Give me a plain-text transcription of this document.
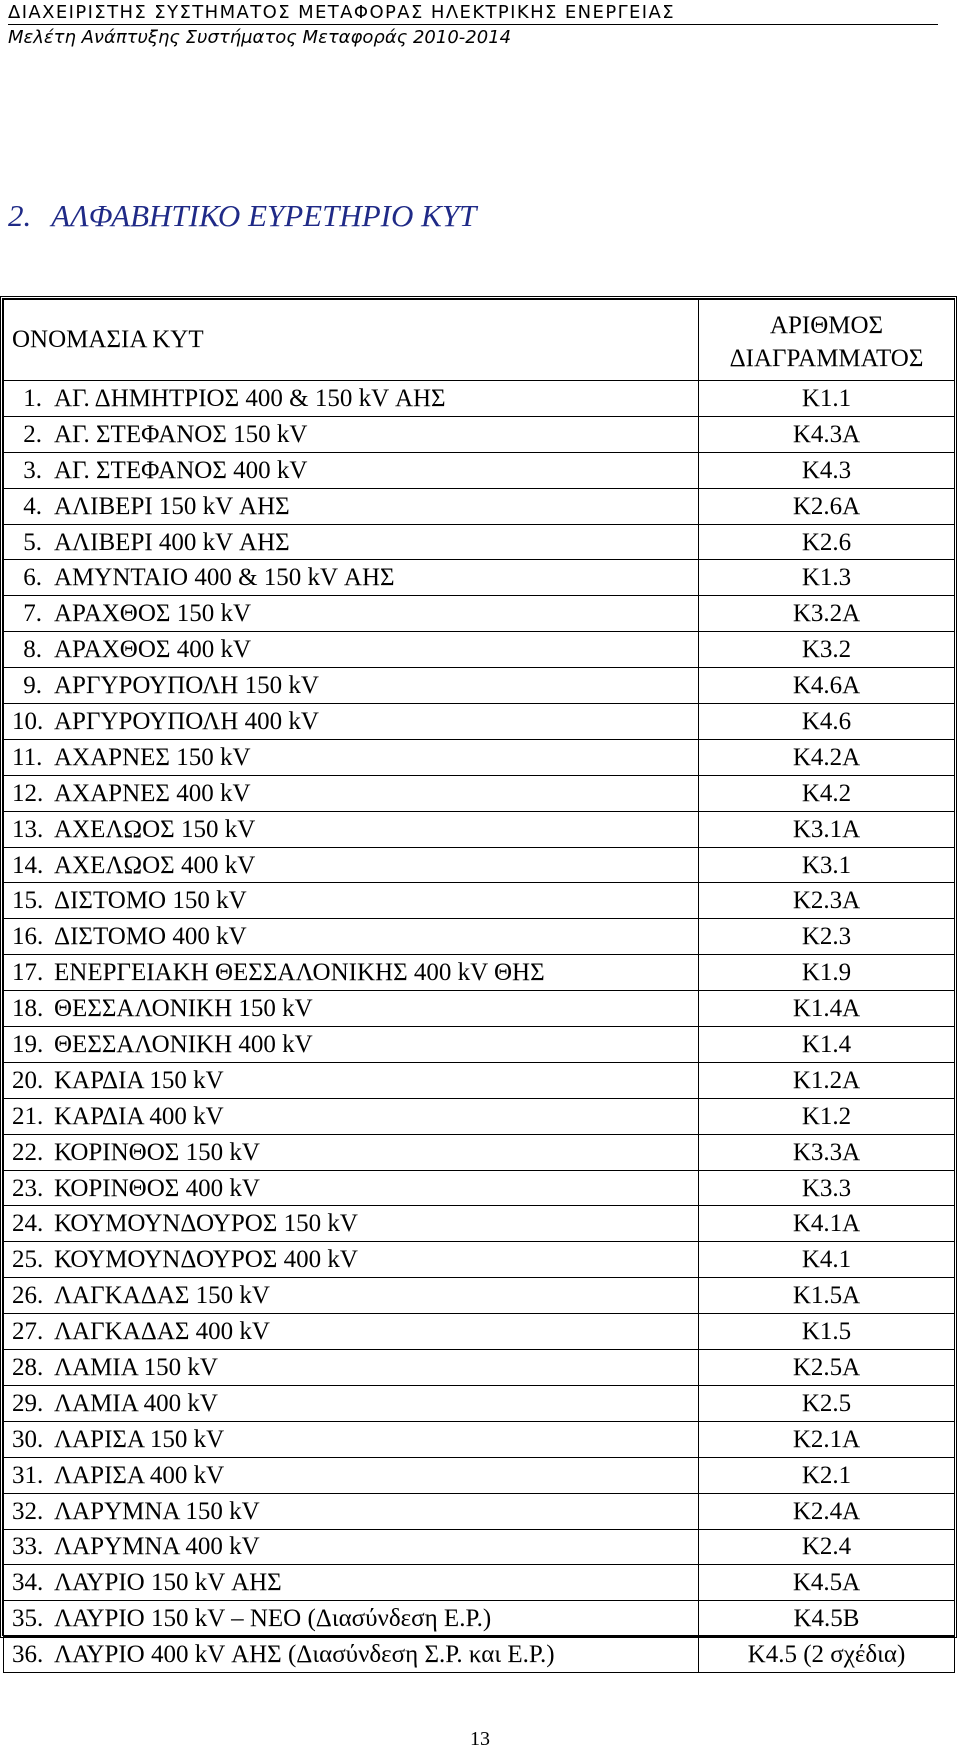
ΔΙΑΧΕΙΡΙΣΤΗΣ ΣΥΣΤΗΜΑΤΟΣ ΜΕΤΑΦΟΡΑΣ ΗΛΕΚΤΡΙΚΗΣ ΕΝΕΡΓΕΙΑΣ
Μελέτη Ανάπτυξης Συστήματος Μεταφοράς 2010-2014
2. ΑΛΦΑΒΗΤΙΚΟ ΕΥΡΕΤΗΡΙΟ ΚΥΤ
ΟΝΟΜΑΣΙΑ ΚΥΤ	ΑΡΙΘΜΟΣ
ΔΙΑΓΡΑΜΜΑΤΟΣ
1. ΑΓ. ΔΗΜΗΤΡΙΟΣ 400 & 150 kV ΑΗΣ	Κ1.1
2. ΑΓ. ΣΤΕΦΑΝΟΣ 150 kV	Κ4.3Α
3. ΑΓ. ΣΤΕΦΑΝΟΣ 400 kV	Κ4.3
4. ΑΛΙΒΕΡΙ 150 kV ΑΗΣ	Κ2.6Α
5. ΑΛΙΒΕΡΙ 400 kV ΑΗΣ	Κ2.6
6. ΑΜΥΝΤΑΙΟ 400 & 150 kV ΑΗΣ	Κ1.3
7. ΑΡΑΧΘΟΣ 150 kV	Κ3.2Α
8. ΑΡΑΧΘΟΣ 400 kV	Κ3.2
9. ΑΡΓΥΡΟΥΠΟΛΗ 150 kV	Κ4.6Α
10. ΑΡΓΥΡΟΥΠΟΛΗ 400 kV	Κ4.6
11. ΑΧΑΡΝΕΣ 150 kV	Κ4.2Α
12. ΑΧΑΡΝΕΣ 400 kV	Κ4.2
13. ΑΧΕΛΩΟΣ 150 kV	Κ3.1Α
14. ΑΧΕΛΩΟΣ 400 kV	Κ3.1
15. ΔΙΣΤΟΜΟ 150 kV	Κ2.3Α
16. ΔΙΣΤΟΜΟ 400 kV	Κ2.3
17. ΕΝΕΡΓΕΙΑΚΗ ΘΕΣΣΑΛΟΝΙΚΗΣ 400 kV ΘΗΣ	Κ1.9
18. ΘΕΣΣΑΛΟΝΙΚΗ 150 kV	Κ1.4Α
19. ΘΕΣΣΑΛΟΝΙΚΗ 400 kV	Κ1.4
20. ΚΑΡΔΙΑ 150 kV	Κ1.2Α
21. ΚΑΡΔΙΑ 400 kV	Κ1.2
22. ΚΟΡΙΝΘΟΣ 150 kV	Κ3.3Α
23. ΚΟΡΙΝΘΟΣ 400 kV	Κ3.3
24. ΚΟΥΜΟΥΝΔΟΥΡΟΣ 150 kV	Κ4.1Α
25. ΚΟΥΜΟΥΝΔΟΥΡΟΣ 400 kV	Κ4.1
26. ΛΑΓΚΑΔΑΣ 150 kV	Κ1.5Α
27. ΛΑΓΚΑΔΑΣ 400 kV	Κ1.5
28. ΛΑΜΙΑ 150 kV	Κ2.5Α
29. ΛΑΜΙΑ 400 kV	Κ2.5
30. ΛΑΡΙΣΑ 150 kV	Κ2.1Α
31. ΛΑΡΙΣΑ 400 kV	Κ2.1
32. ΛΑΡΥΜΝΑ 150 kV	Κ2.4Α
33. ΛΑΡΥΜΝΑ 400 kV	Κ2.4
34. ΛΑΥΡΙΟ 150 kV ΑΗΣ	Κ4.5Α
35. ΛΑΥΡΙΟ 150 kV – ΝΕΟ (Διασύνδεση Ε.Ρ.)	Κ4.5Β
36. ΛΑΥΡΙΟ 400 kV ΑΗΣ (Διασύνδεση Σ.Ρ. και Ε.Ρ.)	Κ4.5 (2 σχέδια)
13
